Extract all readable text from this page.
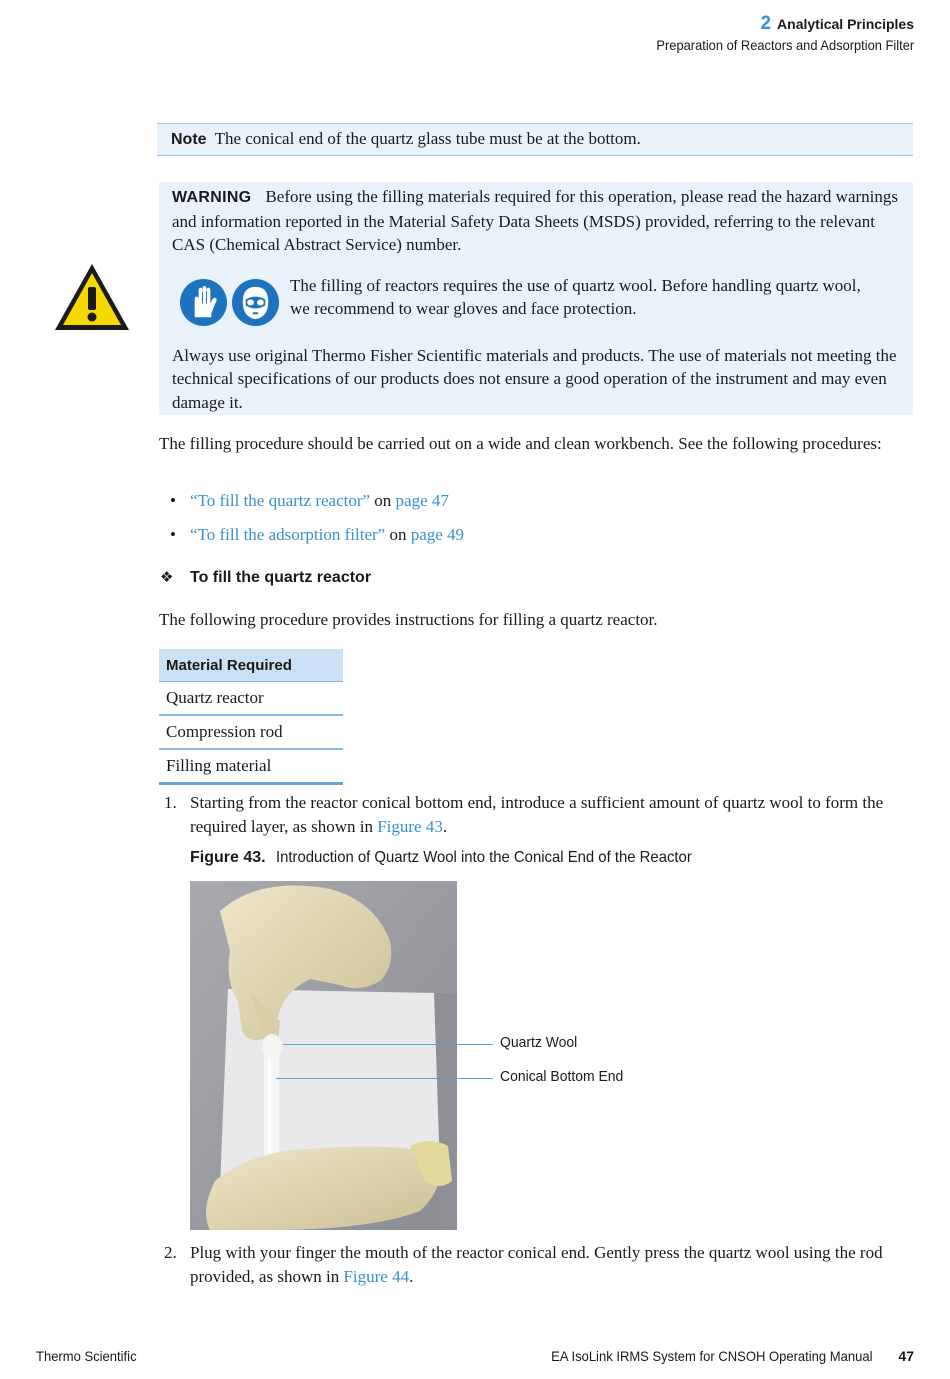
2 Analytical Principles
Preparation of Reactors and Adsorption Filter
Note The conical end of the quartz glass tube must be at the bottom.

WARNING Before using the filling materials required for this operation, please read the hazard warnings and information reported in the Material Safety Data Sheets (MSDS) provided, referring to the relevant CAS (Chemical Abstract Service) number.

The filling of reactors requires the use of quartz wool. Before handling quartz wool, we recommend to wear gloves and face protection.

Always use original Thermo Fisher Scientific materials and products. The use of materials not meeting the technical specifications of our products does not ensure a good operation of the instrument and may even damage it.

The filling procedure should be carried out on a wide and clean workbench. See the following procedures:

• “To fill the quartz reactor” on page 47
• “To fill the adsorption filter” on page 49
❖ To fill the quartz reactor

The following procedure provides instructions for filling a quartz reactor.

Material Required
Quartz reactor
Compression rod
Filling material
1. Starting from the reactor conical bottom end, introduce a sufficient amount of quartz wool to form the required layer, as shown in Figure 43.
Figure 43. Introduction of Quartz Wool into the Conical End of the Reactor
Quartz Wool
Conical Bottom End
2. Plug with your finger the mouth of the reactor conical end. Gently press the quartz wool using the rod provided, as shown in Figure 44.
Thermo Scientific	EA IsoLink IRMS System for CNSOH Operating Manual 47
